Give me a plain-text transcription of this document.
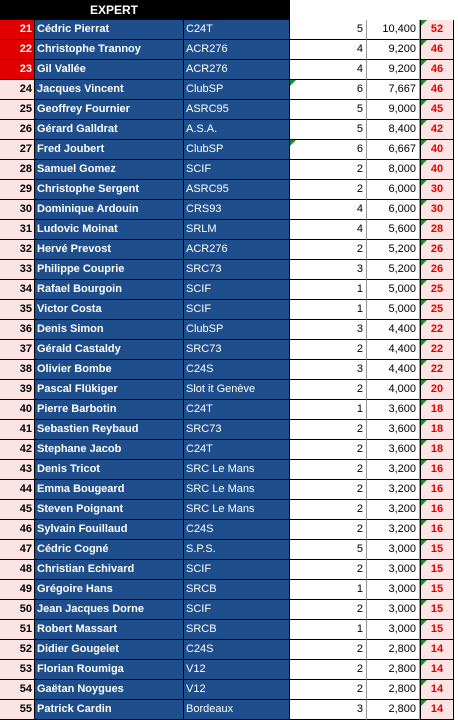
EXPERT
21 Cédric Pierrat	C24T	5	10,400	52
22 Christophe Trannoy	ACR276	4	9,200	46
23 Gil Vallée	ACR276	4	9,200	46
24 Jacques Vincent	ClubSP	6	7,667	46
25 Geoffrey Fournier	ASRC95	5	9,000	45
26 Gérard Galldrat	A.S.A.	5	8,400	42
27 Fred Joubert	ClubSP	6	6,667	40
28 Samuel Gomez	SCIF	2	8,000	40
29 Christophe Sergent	ASRC95	2	6,000	30
30 Dominique Ardouin	CRS93	4	6,000	30
31 Ludovic Moinat	SRLM	4	5,600	28
32 Hervé Prevost	ACR276	2	5,200	26
33 Philippe Couprie	SRC73	3	5,200	26
34 Rafael Bourgoin	SCIF	1	5,000	25
35 Victor Costa	SCIF	1	5,000	25
36 Denis Simon	ClubSP	3	4,400	22
37 Gérald Castaldy	SRC73	2	4,400	22
38 Olivier Bombe	C24S	3	4,400	22
39 Pascal Flükiger	Slot it Genève	2	4,000	20
40 Pierre Barbotin	C24T	1	3,600	18
41 Sebastien Reybaud	SRC73	2	3,600	18
42 Stephane Jacob	C24T	2	3,600	18
43 Denis Tricot	SRC Le Mans	2	3,200	16
44 Emma Bougeard	SRC Le Mans	2	3,200	16
45 Steven Poignant	SRC Le Mans	2	3,200	16
46 Sylvain Fouillaud	C24S	2	3,200	16
47 Cédric Cogné	S.P.S.	5	3,000	15
48 Christian Echivard	SCIF	2	3,000	15
49 Grégoire Hans	SRCB	1	3,000	15
50 Jean Jacques Dorne	SCIF	2	3,000	15
51 Robert Massart	SRCB	1	3,000	15
52 Didier Gougelet	C24S	2	2,800	14
53 Florian Roumiga	V12	2	2,800	14
54 Gaëtan Noygues	V12	2	2,800	14
55 Patrick Cardin	Bordeaux	3	2,800	14
